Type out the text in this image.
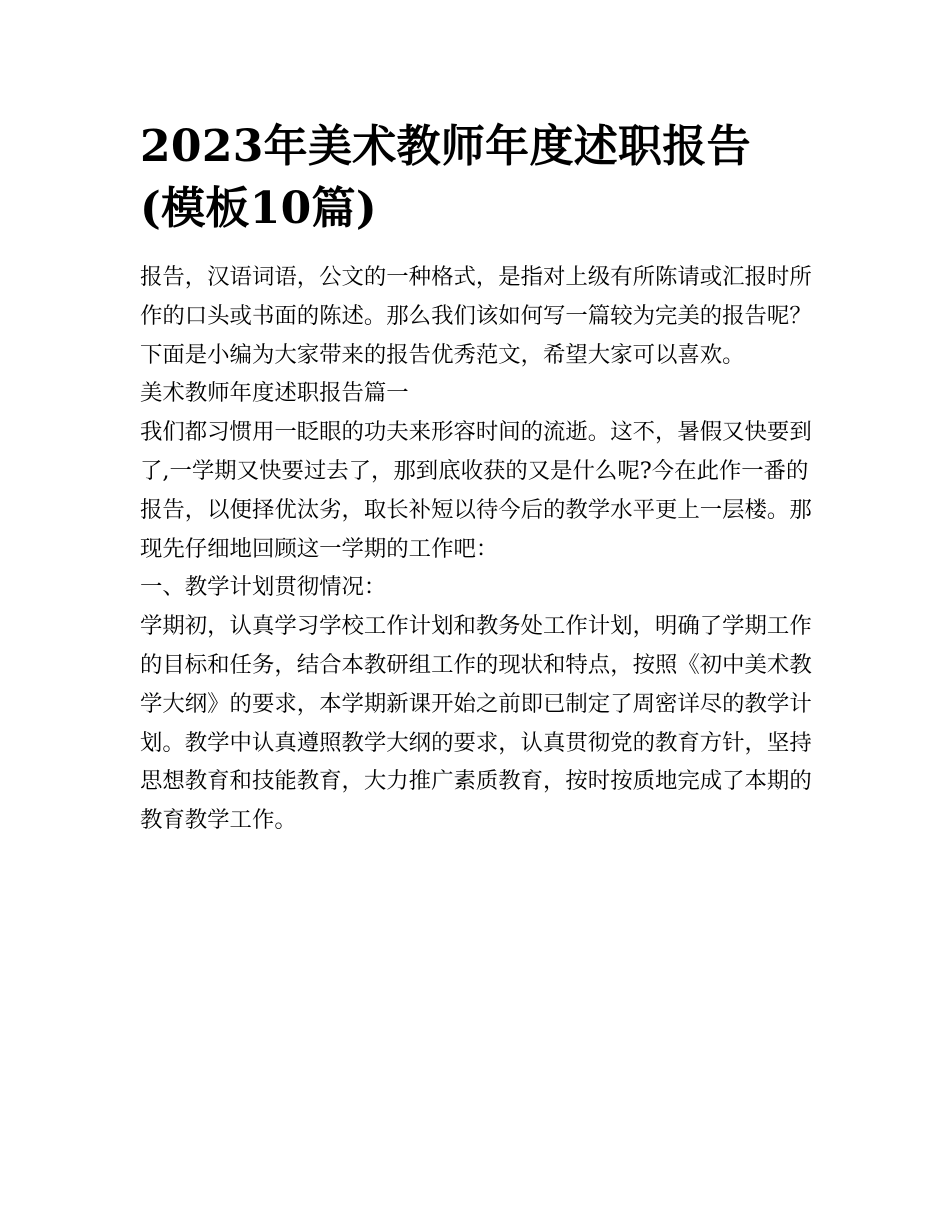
2023年美术教师年度述职报告(模板10篇)

报告，汉语词语，公文的一种格式，是指对上级有所陈请或汇报时所作的口头或书面的陈述。那么我们该如何写一篇较为完美的报告呢？下面是小编为大家带来的报告优秀范文，希望大家可以喜欢。

美术教师年度述职报告篇一

我们都习惯用一眨眼的功夫来形容时间的流逝。这不，暑假又快要到了,一学期又快要过去了，那到底收获的又是什么呢?今在此作一番的报告，以便择优汰劣，取长补短以待今后的教学水平更上一层楼。那现先仔细地回顾这一学期的工作吧：

一、教学计划贯彻情况：

学期初，认真学习学校工作计划和教务处工作计划，明确了学期工作的目标和任务，结合本教研组工作的现状和特点，按照《初中美术教学大纲》的要求，本学期新课开始之前即已制定了周密详尽的教学计划。教学中认真遵照教学大纲的要求，认真贯彻党的教育方针，坚持思想教育和技能教育，大力推广素质教育，按时按质地完成了本期的教育教学工作。
